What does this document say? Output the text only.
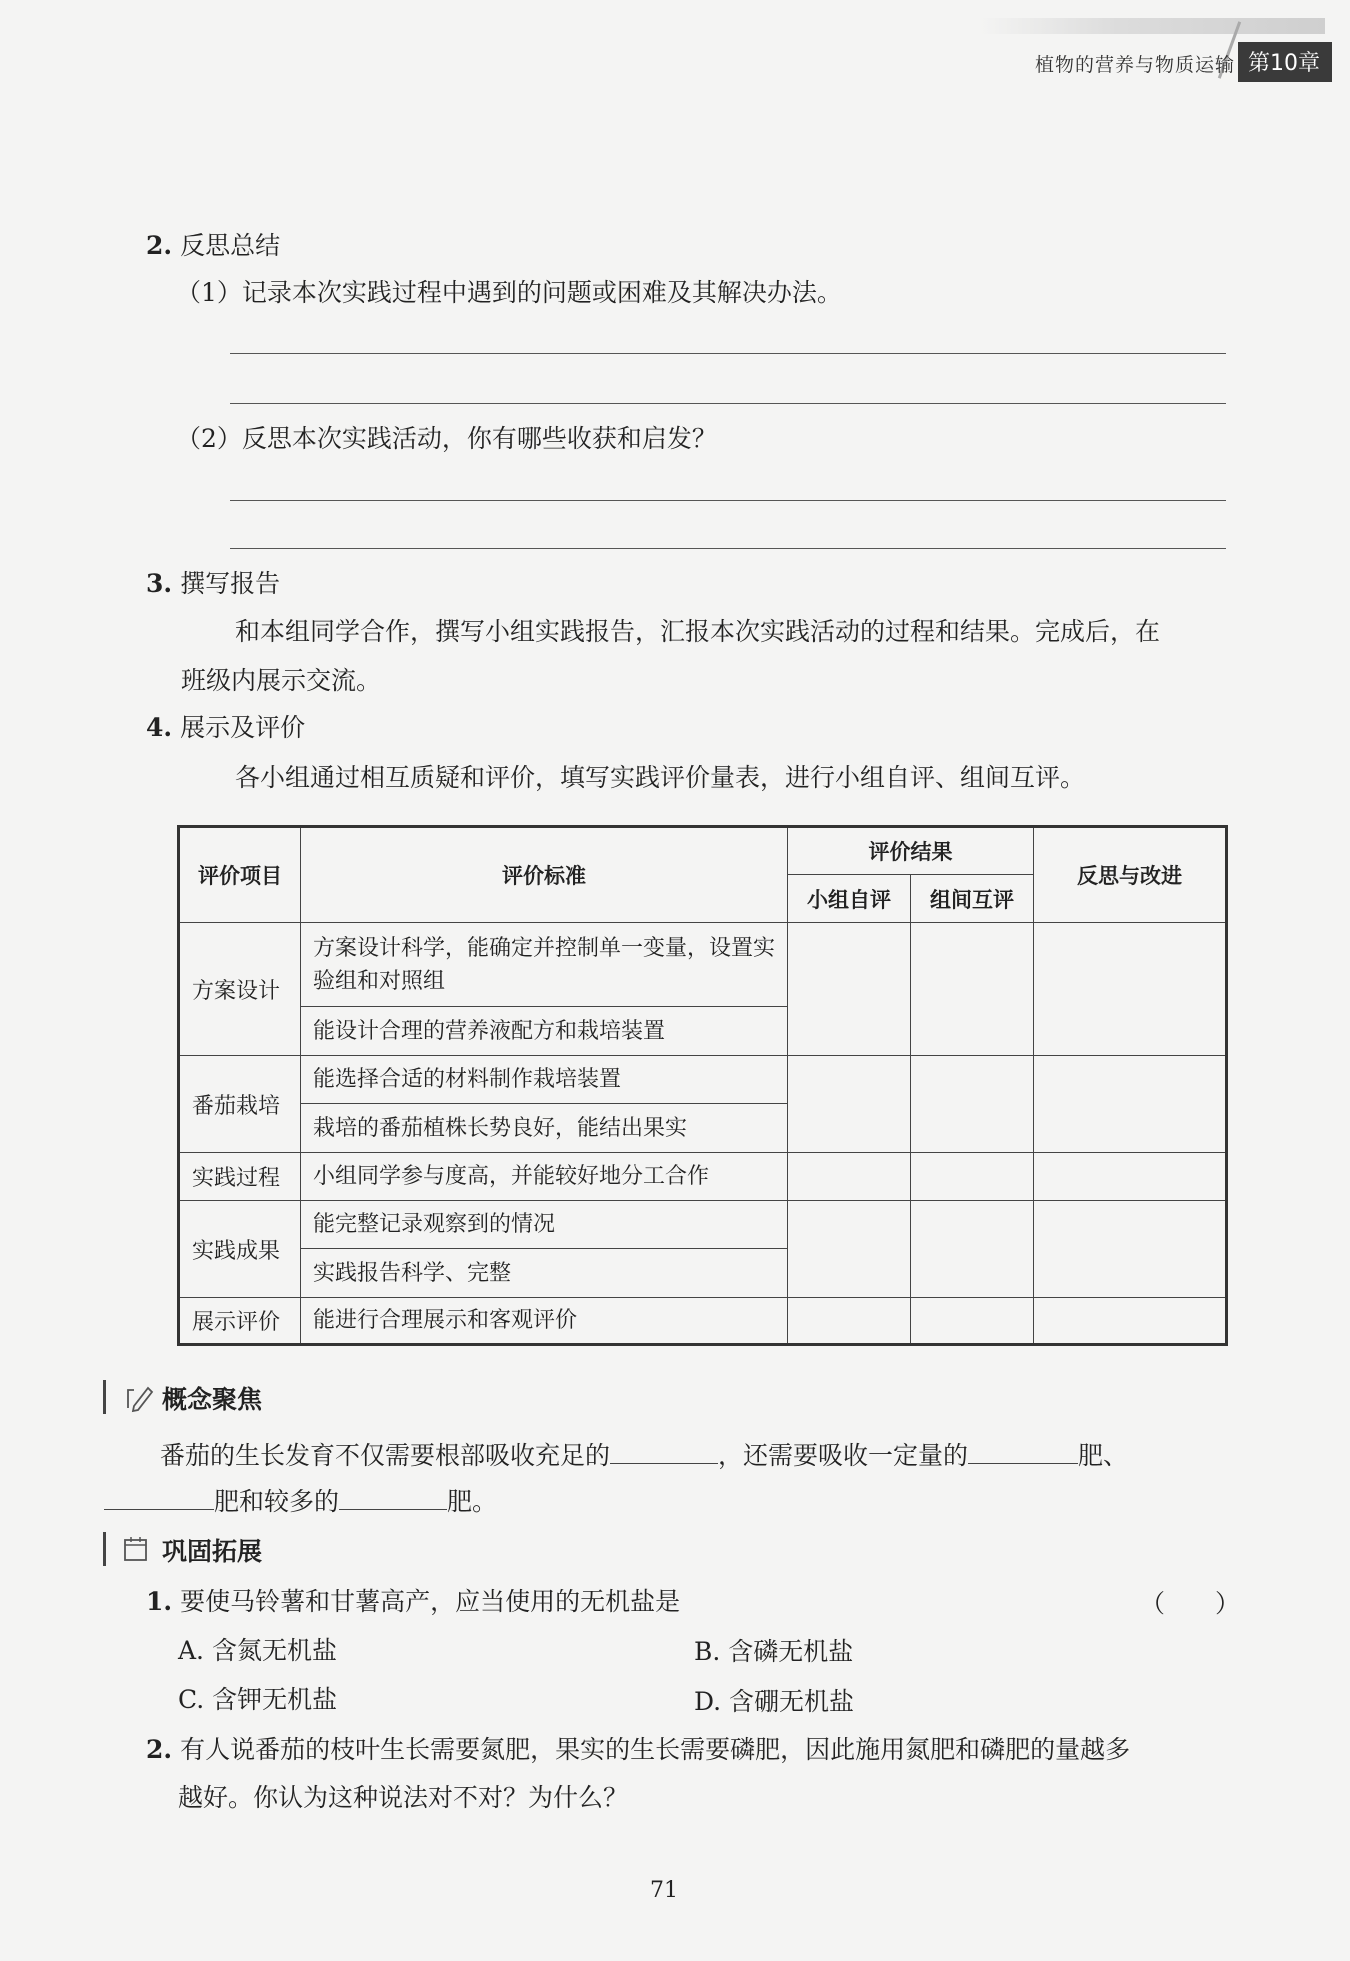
植物的营养与物质运输 第10章
2. 反思总结
（1）记录本次实践过程中遇到的问题或困难及其解决办法。
（2）反思本次实践活动，你有哪些收获和启发？
3. 撰写报告
和本组同学合作，撰写小组实践报告，汇报本次实践活动的过程和结果。完成后，在
班级内展示交流。
4. 展示及评价
各小组通过相互质疑和评价，填写实践评价量表，进行小组自评、组间互评。
评价项目	评价标准	评价结果		反思与改进
		小组自评	组间互评	
方案设计	方案设计科学，能确定并控制单一变量，设置实验组和对照组			
	能设计合理的营养液配方和栽培装置			
番茄栽培	能选择合适的材料制作栽培装置			
	栽培的番茄植株长势良好，能结出果实			
实践过程	小组同学参与度高，并能较好地分工合作			
实践成果	能完整记录观察到的情况			
	实践报告科学、完整			
展示评价	能进行合理展示和客观评价			
概念聚焦
番茄的生长发育不仅需要根部吸收充足的	，还需要吸收一定量的	肥、
肥和较多的	肥。
巩固拓展
1. 要使马铃薯和甘薯高产，应当使用的无机盐是	（　　）
A. 含氮无机盐	B. 含磷无机盐
C. 含钾无机盐	D. 含硼无机盐
2. 有人说番茄的枝叶生长需要氮肥，果实的生长需要磷肥，因此施用氮肥和磷肥的量越多
越好。你认为这种说法对不对？为什么？
71
